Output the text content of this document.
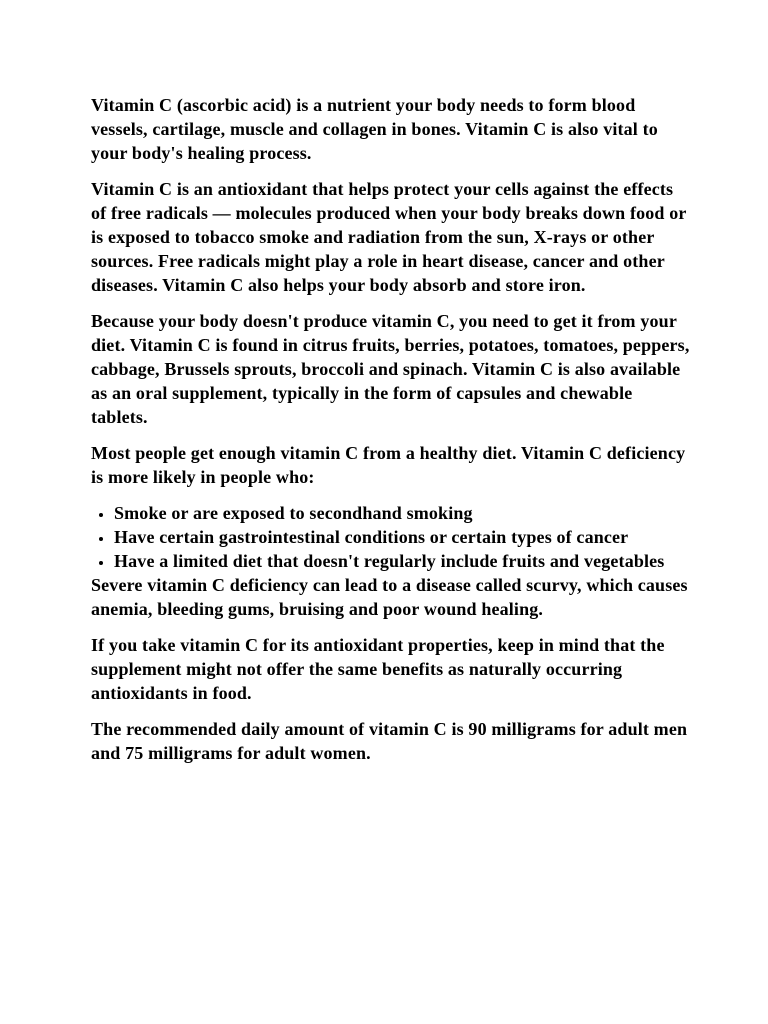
Vitamin C (ascorbic acid) is a nutrient your body needs to form blood vessels, cartilage, muscle and collagen in bones. Vitamin C is also vital to your body's healing process.

Vitamin C is an antioxidant that helps protect your cells against the effects of free radicals — molecules produced when your body breaks down food or is exposed to tobacco smoke and radiation from the sun, X-rays or other sources. Free radicals might play a role in heart disease, cancer and other diseases. Vitamin C also helps your body absorb and store iron.

Because your body doesn't produce vitamin C, you need to get it from your diet. Vitamin C is found in citrus fruits, berries, potatoes, tomatoes, peppers, cabbage, Brussels sprouts, broccoli and spinach. Vitamin C is also available as an oral supplement, typically in the form of capsules and chewable tablets.

Most people get enough vitamin C from a healthy diet. Vitamin C deficiency is more likely in people who:

• Smoke or are exposed to secondhand smoking
• Have certain gastrointestinal conditions or certain types of cancer
• Have a limited diet that doesn't regularly include fruits and vegetables

Severe vitamin C deficiency can lead to a disease called scurvy, which causes anemia, bleeding gums, bruising and poor wound healing.

If you take vitamin C for its antioxidant properties, keep in mind that the supplement might not offer the same benefits as naturally occurring antioxidants in food.

The recommended daily amount of vitamin C is 90 milligrams for adult men and 75 milligrams for adult women.
